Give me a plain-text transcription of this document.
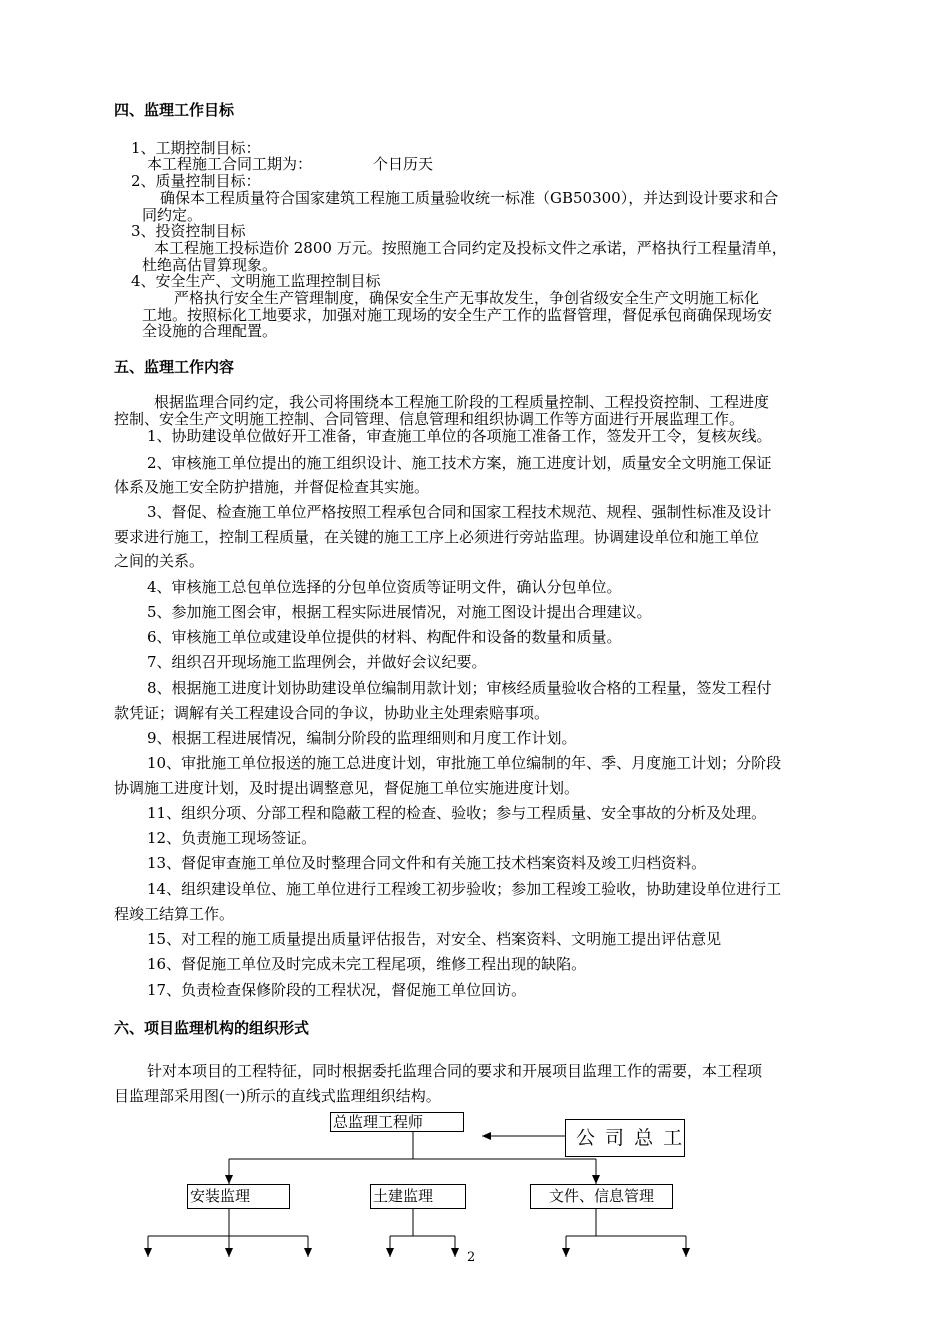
四、监理工作目标
1、工期控制目标：
本工程施工合同工期为：	个日历天
2、质量控制目标：
确保本工程质量符合国家建筑工程施工质量验收统一标准（GB50300），并达到设计要求和合
同约定。
3、投资控制目标
本工程施工投标造价 2800 万元。按照施工合同约定及投标文件之承诺，严格执行工程量清单，
杜绝高估冒算现象。
4、安全生产、文明施工监理控制目标
严格执行安全生产管理制度，确保安全生产无事故发生，争创省级安全生产文明施工标化
工地。按照标化工地要求，加强对施工现场的安全生产工作的监督管理，督促承包商确保现场安
全设施的合理配置。
五、监理工作内容
根据监理合同约定，我公司将围绕本工程施工阶段的工程质量控制、工程投资控制、工程进度
控制、安全生产文明施工控制、合同管理、信息管理和组织协调工作等方面进行开展监理工作。
1、协助建设单位做好开工准备，审查施工单位的各项施工准备工作，签发开工令，复核灰线。
2、审核施工单位提出的施工组织设计、施工技术方案，施工进度计划，质量安全文明施工保证
体系及施工安全防护措施，并督促检查其实施。
3、督促、检查施工单位严格按照工程承包合同和国家工程技术规范、规程、强制性标准及设计
要求进行施工，控制工程质量，在关键的施工工序上必须进行旁站监理。协调建设单位和施工单位
之间的关系。
4、审核施工总包单位选择的分包单位资质等证明文件，确认分包单位。
5、参加施工图会审，根据工程实际进展情况，对施工图设计提出合理建议。
6、审核施工单位或建设单位提供的材料、构配件和设备的数量和质量。
7、组织召开现场施工监理例会，并做好会议纪要。
8、根据施工进度计划协助建设单位编制用款计划；审核经质量验收合格的工程量，签发工程付
款凭证；调解有关工程建设合同的争议，协助业主处理索赔事项。
9、根据工程进展情况，编制分阶段的监理细则和月度工作计划。
10、审批施工单位报送的施工总进度计划，审批施工单位编制的年、季、月度施工计划；分阶段
协调施工进度计划，及时提出调整意见，督促施工单位实施进度计划。
11、组织分项、分部工程和隐蔽工程的检查、验收；参与工程质量、安全事故的分析及处理。
12、负责施工现场签证。
13、督促审查施工单位及时整理合同文件和有关施工技术档案资料及竣工归档资料。
14、组织建设单位、施工单位进行工程竣工初步验收；参加工程竣工验收，协助建设单位进行工
程竣工结算工作。
15、对工程的施工质量提出质量评估报告，对安全、档案资料、文明施工提出评估意见
16、督促施工单位及时完成未完工程尾项，维修工程出现的缺陷。
17、负责检查保修阶段的工程状况，督促施工单位回访。
六、项目监理机构的组织形式
针对本项目的工程特征，同时根据委托监理合同的要求和开展项目监理工作的需要，本工程项
目监理部采用图(一)所示的直线式监理组织结构。
总监理工程师
公 司 总 工
安装监理	土建监理	文件、信息管理
2
